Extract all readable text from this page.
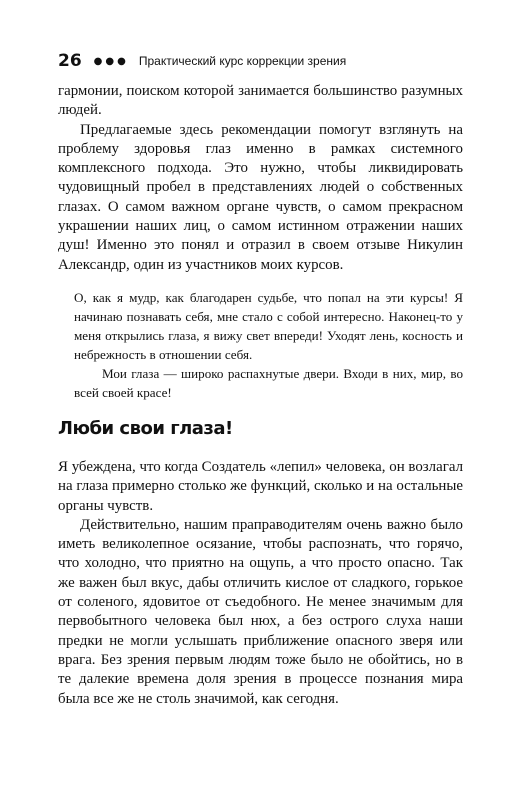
26 ●●● Практический курс коррекции зрения

гармонии, поиском которой занимается большинство разумных людей.

Предлагаемые здесь рекомендации помогут взглянуть на проблему здоровья глаз именно в рамках системного комплексного подхода. Это нужно, чтобы ликвидировать чудовищный пробел в представлениях людей о собственных глазах. О самом важном органе чувств, о самом прекрасном украшении наших лиц, о самом истинном отражении наших душ! Именно это понял и отразил в своем отзыве Никулин Александр, один из участников моих курсов.

О, как я мудр, как благодарен судьбе, что попал на эти курсы! Я начинаю познавать себя, мне стало с собой интересно. Наконец-то у меня открылись глаза, я вижу свет впереди! Уходят лень, косность и небрежность в отношении себя.

Мои глаза — широко распахнутые двери. Входи в них, мир, во всей своей красе!

Люби свои глаза!

Я убеждена, что когда Создатель «лепил» человека, он возлагал на глаза примерно столько же функций, сколько и на остальные органы чувств.

Действительно, нашим праправодителям очень важно было иметь великолепное осязание, чтобы распознать, что горячо, что холодно, что приятно на ощупь, а что просто опасно. Так же важен был вкус, дабы отличить кислое от сладкого, горькое от соленого, ядовитое от съедобного. Не менее значимым для первобытного человека был нюх, а без острого слуха наши предки не могли услышать приближение опасного зверя или врага. Без зрения первым людям тоже было не обойтись, но в те далекие времена доля зрения в процессе познания мира была все же не столь значимой, как сегодня.
